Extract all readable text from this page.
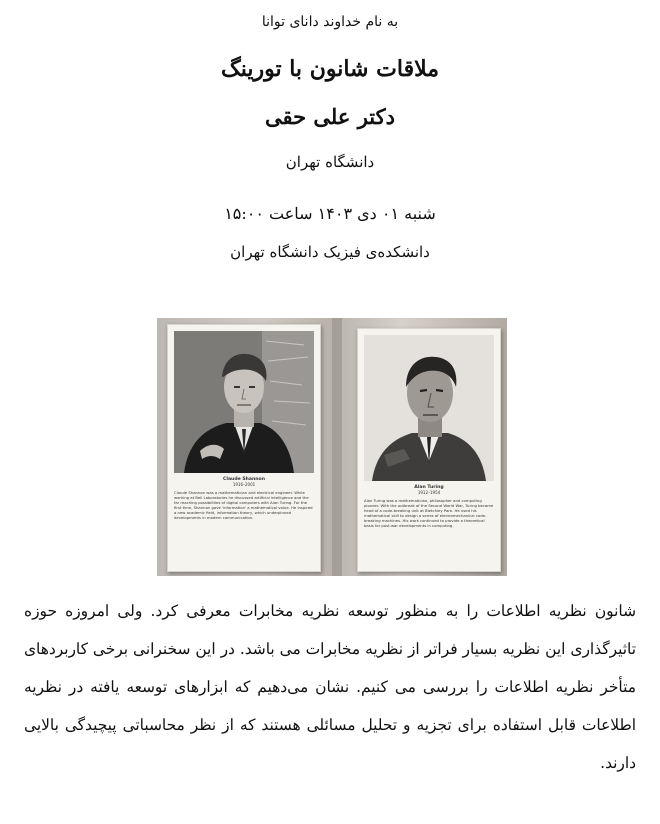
به نام خداوند دانای توانا
ملاقات شانون با تورینگ
دکتر علی حقی
دانشگاه تهران
شنبه ۰۱ دی ۱۴۰۳ ساعت ۱۵:۰۰
دانشکده‌ی فیزیک دانشگاه تهران
Claude Shannon
1916–2001
Claude Shannon was a mathematician and electrical engineer. While working at Bell Laboratories he discussed artificial intelligence and the far reaching possibilities of digital computers with Alan Turing. For the first time, Shannon gave 'information' a mathematical value. He inspired a new academic field, information theory, which underpinned developments in modern communication.
Alan Turing
1912–1954
Alan Turing was a mathematician, philosopher and computing pioneer. With the outbreak of the Second World War, Turing became head of a code-breaking unit at Bletchley Park. He used his mathematical skill to design a series of electromechanical code-breaking machines. His work continued to provide a theoretical basis for post-war developments in computing.
شانون نظریه اطلاعات را به منظور توسعه نظریه مخابرات معرفی کرد. ولی امروزه حوزه تاثیرگذاری این نظریه بسیار فراتر از نظریه مخابرات می باشد. در این سخنرانی برخی کاربردهای متأخر نظریه اطلاعات را بررسی می کنیم. نشان می‌دهیم که ابزارهای توسعه یافته در نظریه اطلاعات قابل استفاده برای تجزیه و تحلیل مسائلی هستند که از نظر محاسباتی پیچیدگی بالایی دارند.
